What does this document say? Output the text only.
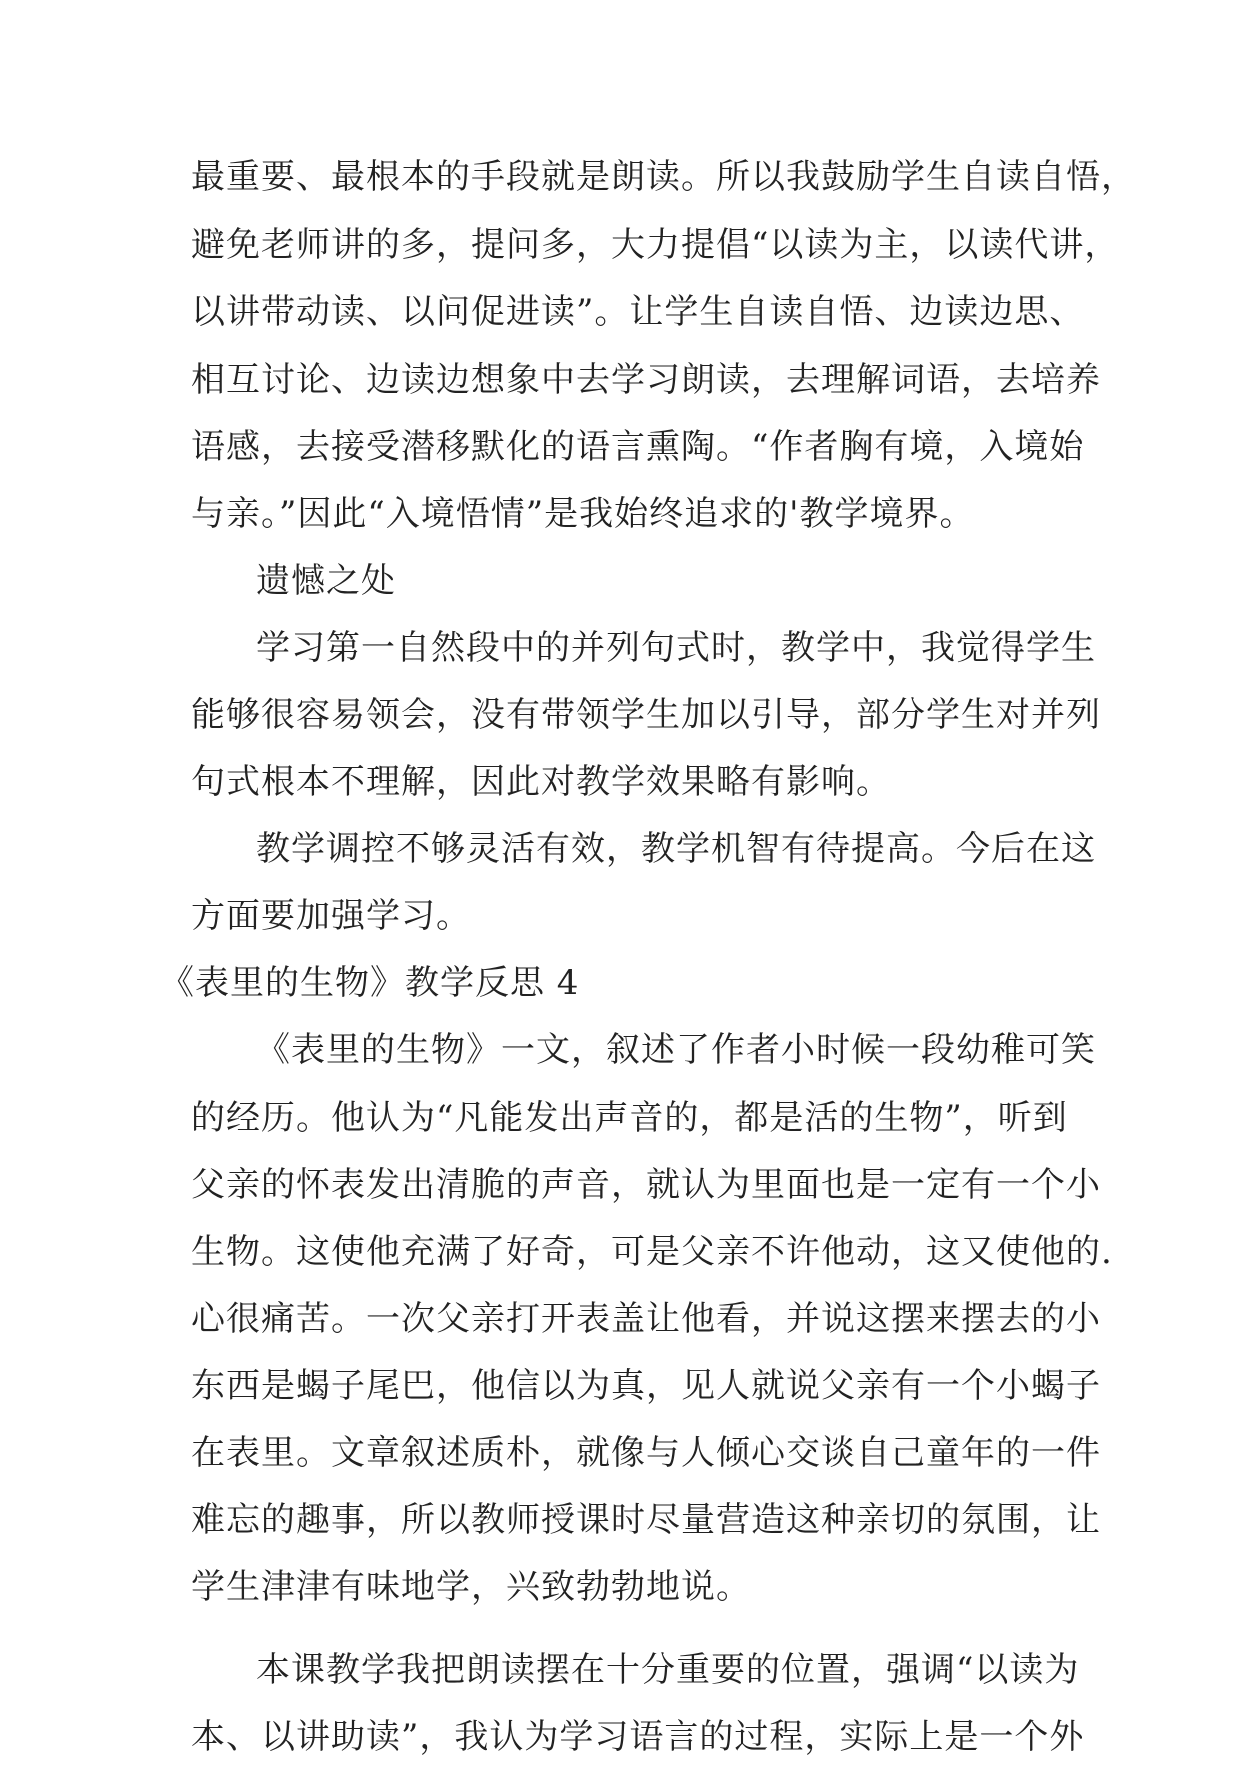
最重要、最根本的手段就是朗读。所以我鼓励学生自读自悟，
避免老师讲的多，提问多，大力提倡“以读为主，以读代讲，
以讲带动读、以问促进读”。让学生自读自悟、边读边思、
相互讨论、边读边想象中去学习朗读，去理解词语，去培养
语感，去接受潜移默化的语言熏陶。“作者胸有境，入境始
与亲。”因此“入境悟情”是我始终追求的'教学境界。
遗憾之处
学习第一自然段中的并列句式时，教学中，我觉得学生
能够很容易领会，没有带领学生加以引导，部分学生对并列
句式根本不理解，因此对教学效果略有影响。
教学调控不够灵活有效，教学机智有待提高。今后在这
方面要加强学习。
《表里的生物》教学反思 4
《表里的生物》一文，叙述了作者小时候一段幼稚可笑
的经历。他认为“凡能发出声音的，都是活的生物”，听到
父亲的怀表发出清脆的声音，就认为里面也是一定有一个小
生物。这使他充满了好奇，可是父亲不许他动，这又使他的.
心很痛苦。一次父亲打开表盖让他看，并说这摆来摆去的小
东西是蝎子尾巴，他信以为真，见人就说父亲有一个小蝎子
在表里。文章叙述质朴，就像与人倾心交谈自己童年的一件
难忘的趣事，所以教师授课时尽量营造这种亲切的氛围，让
学生津津有味地学，兴致勃勃地说。
本课教学我把朗读摆在十分重要的位置，强调“以读为
本、以讲助读”，我认为学习语言的过程，实际上是一个外
